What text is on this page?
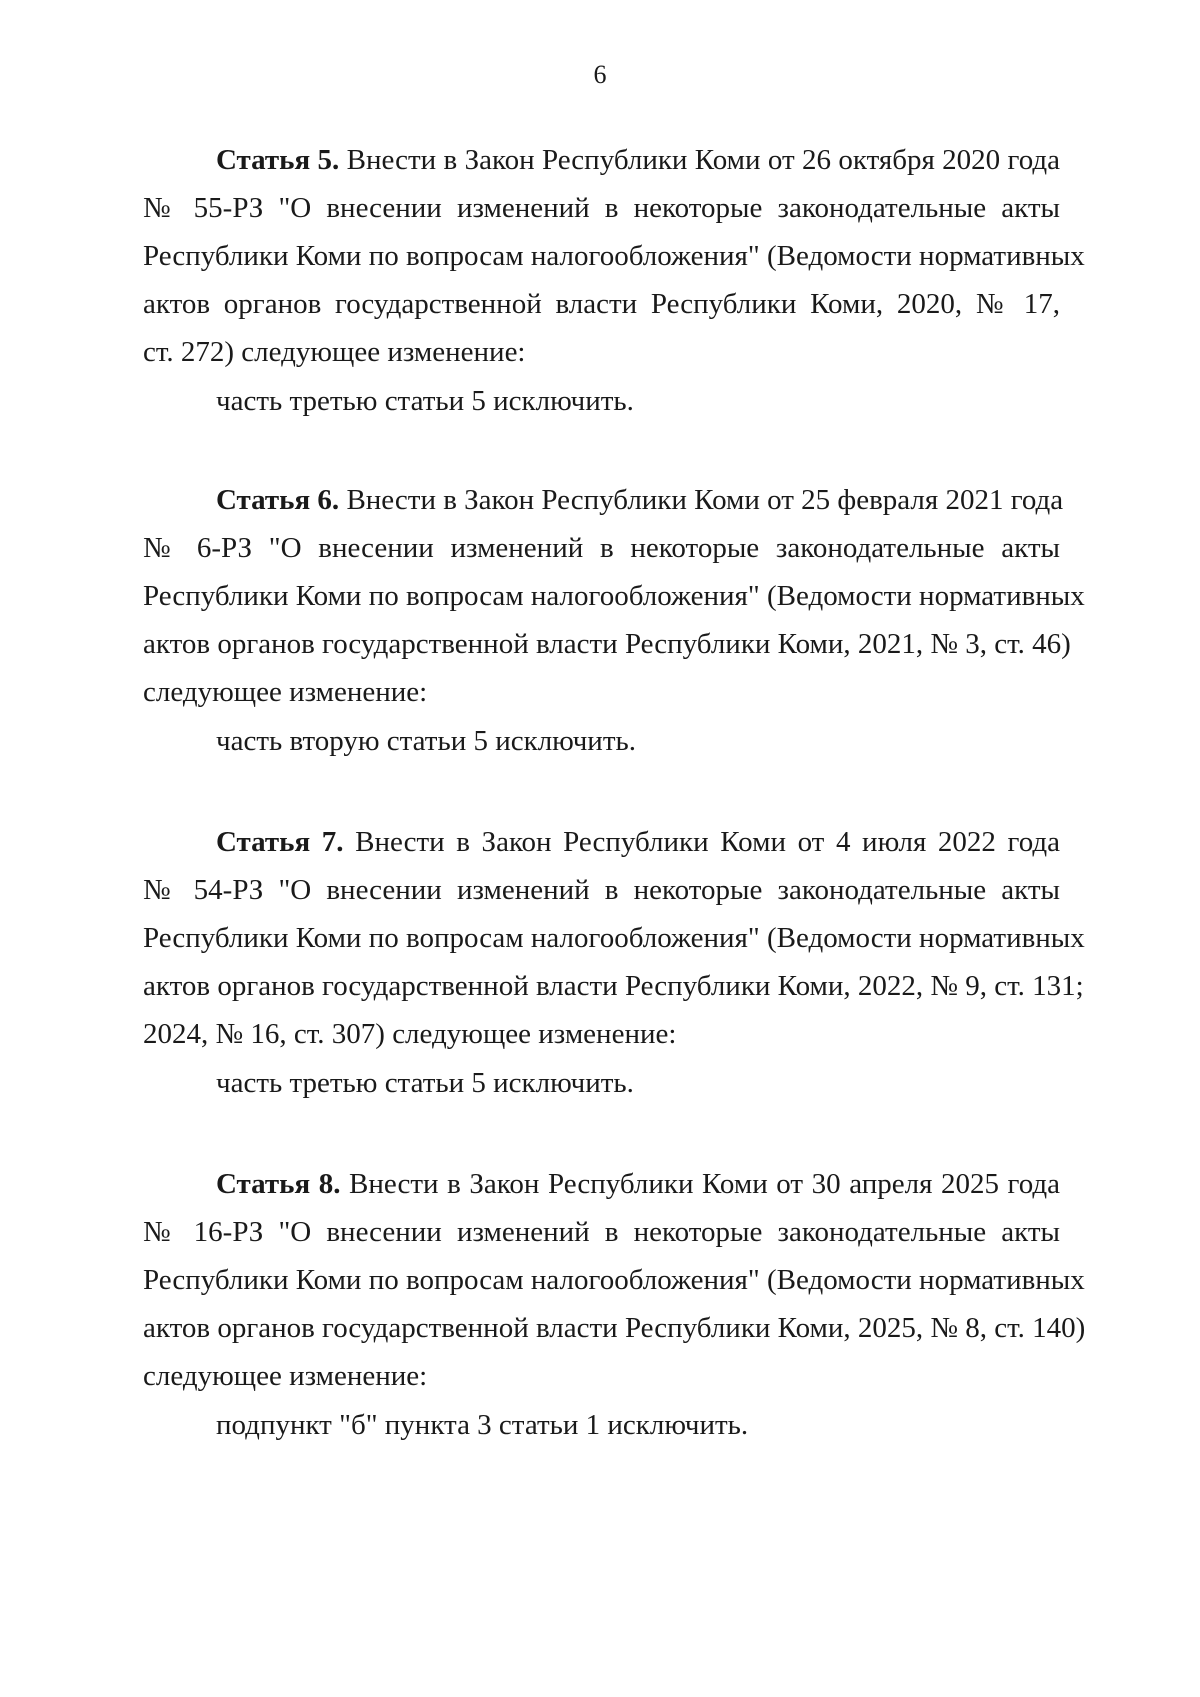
6
Статья 5. Внести в Закон Республики Коми от 26 октября 2020 года
№ 55-РЗ "О внесении изменений в некоторые законодательные акты
Республики Коми по вопросам налогообложения" (Ведомости нормативных
актов органов государственной власти Республики Коми, 2020, № 17,
ст. 272) следующее изменение:
часть третью статьи 5 исключить.
Статья 6. Внести в Закон Республики Коми от 25 февраля 2021 года
№ 6-РЗ "О внесении изменений в некоторые законодательные акты
Республики Коми по вопросам налогообложения" (Ведомости нормативных
актов органов государственной власти Республики Коми, 2021, № 3, ст. 46)
следующее изменение:
часть вторую статьи 5 исключить.
Статья 7. Внести в Закон Республики Коми от 4 июля 2022 года
№ 54-РЗ "О внесении изменений в некоторые законодательные акты
Республики Коми по вопросам налогообложения" (Ведомости нормативных
актов органов государственной власти Республики Коми, 2022, № 9, ст. 131;
2024, № 16, ст. 307) следующее изменение:
часть третью статьи 5 исключить.
Статья 8. Внести в Закон Республики Коми от 30 апреля 2025 года
№ 16-РЗ "О внесении изменений в некоторые законодательные акты
Республики Коми по вопросам налогообложения" (Ведомости нормативных
актов органов государственной власти Республики Коми, 2025, № 8, ст. 140)
следующее изменение:
подпункт "б" пункта 3 статьи 1 исключить.
